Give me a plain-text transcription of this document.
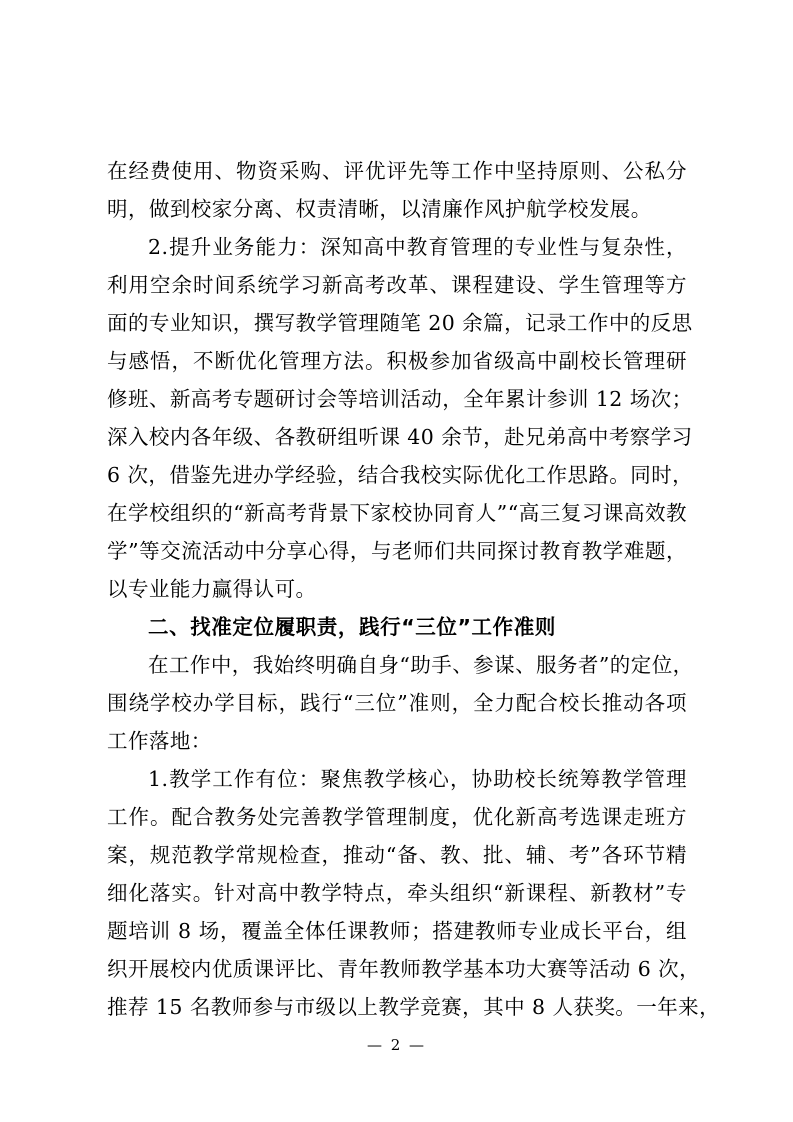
在经费使用、物资采购、评优评先等工作中坚持原则、公私分
明，做到校家分离、权责清晰，以清廉作风护航学校发展。
2.提升业务能力：深知高中教育管理的专业性与复杂性，
利用空余时间系统学习新高考改革、课程建设、学生管理等方
面的专业知识，撰写教学管理随笔 20 余篇，记录工作中的反思
与感悟，不断优化管理方法。积极参加省级高中副校长管理研
修班、新高考专题研讨会等培训活动，全年累计参训 12 场次；
深入校内各年级、各教研组听课 40 余节，赴兄弟高中考察学习
6 次，借鉴先进办学经验，结合我校实际优化工作思路。同时，
在学校组织的“新高考背景下家校协同育人”“高三复习课高效教
学”等交流活动中分享心得，与老师们共同探讨教育教学难题，
以专业能力赢得认可。
二、找准定位履职责，践行“三位”工作准则
在工作中，我始终明确自身“助手、参谋、服务者”的定位，
围绕学校办学目标，践行“三位”准则，全力配合校长推动各项
工作落地：
1.教学工作有位：聚焦教学核心，协助校长统筹教学管理
工作。配合教务处完善教学管理制度，优化新高考选课走班方
案，规范教学常规检查，推动“备、教、批、辅、考”各环节精
细化落实。针对高中教学特点，牵头组织“新课程、新教材”专
题培训 8 场，覆盖全体任课教师；搭建教师专业成长平台，组
织开展校内优质课评比、青年教师教学基本功大赛等活动 6 次，
推荐 15 名教师参与市级以上教学竞赛，其中 8 人获奖。一年来，
— 2 —
